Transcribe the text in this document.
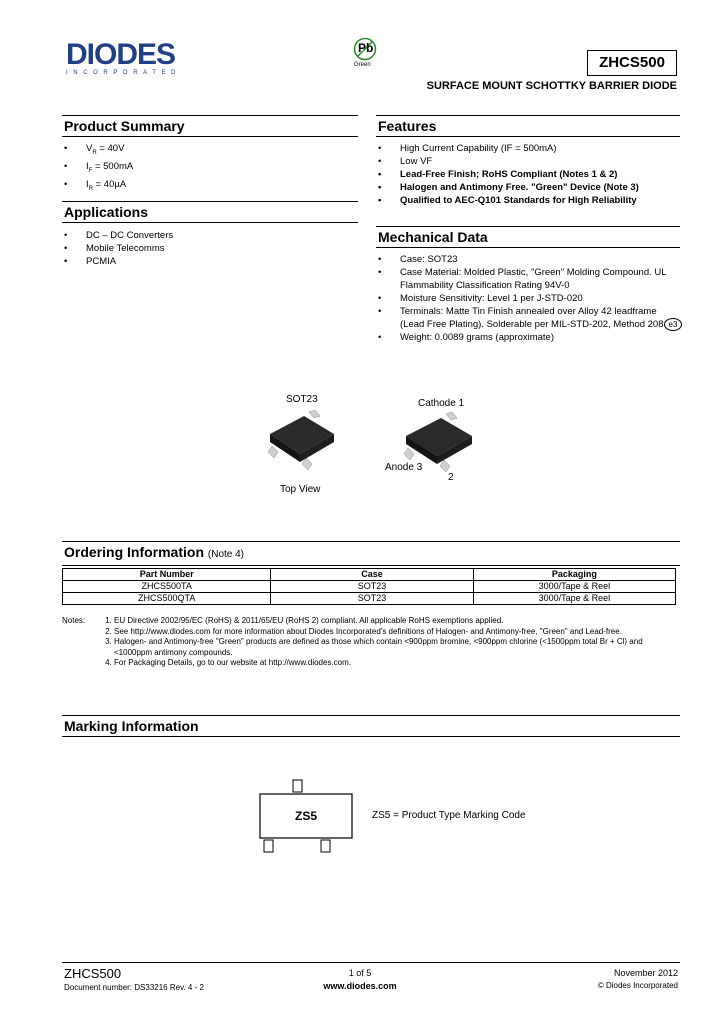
DIODES
INCORPORATED
Pb
Green	ZHCS500
SURFACE MOUNT SCHOTTKY BARRIER DIODE
Product Summary
• $V_R = 40V$
• $I_F = 500mA$
• $I_R = 40\mu A$
Applications
• DC – DC Converters
• Mobile Telecomms
• PCMIA
Features
• High Current Capability (IF = 500mA)
• Low VF
• Lead-Free Finish; RoHS Compliant (Notes 1 & 2)
• Halogen and Antimony Free. "Green" Device (Note 3)
• Qualified to AEC-Q101 Standards for High Reliability
Mechanical Data
• Case: SOT23
• Case Material: Molded Plastic, "Green" Molding Compound. UL Flammability Classification Rating 94V-0
• Moisture Sensitivity: Level 1 per J-STD-020
• Terminals: Matte Tin Finish annealed over Alloy 42 leadframe (Lead Free Plating). Solderable per MIL-STD-202, Method 208
• Weight: 0.0089 grams (approximate)
e3
SOT23
Top View
Cathode 1
Anode 3
2
Ordering Information (Note 4)
Part Number	Case	Packaging
ZHCS500TA	SOT23	3000/Tape & Reel
ZHCS500QTA	SOT23	3000/Tape & Reel
Notes:	1. EU Directive 2002/95/EC (RoHS) & 2011/65/EU (RoHS 2) compliant. All applicable RoHS exemptions applied.
2. See http://www.diodes.com for more information about Diodes Incorporated's definitions of Halogen- and Antimony-free, "Green" and Lead-free.
3. Halogen- and Antimony-free "Green" products are defined as those which contain <900ppm bromine, <900ppm chlorine (<1500ppm total Br + Cl) and <1000ppm antimony compounds.
4. For Packaging Details, go to our website at http://www.diodes.com.
Marking Information
ZS5	ZS5 = Product Type Marking Code
ZHCS500
Document number: DS33216 Rev. 4 - 2
1 of 5
www.diodes.com
November 2012
© Diodes Incorporated
